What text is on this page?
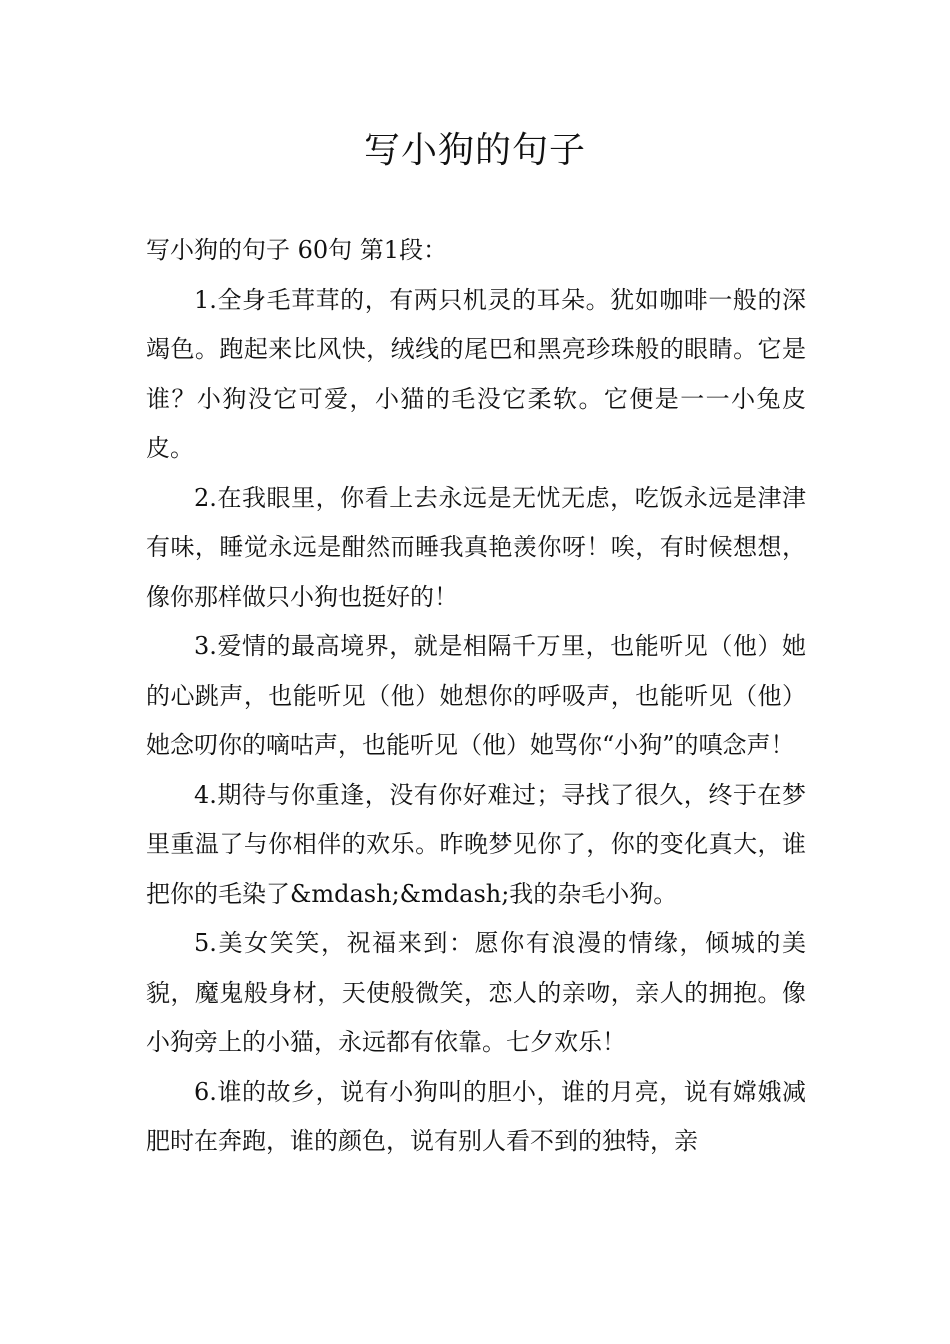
写小狗的句子

写小狗的句子 60句 第1段：

1.全身毛茸茸的，有两只机灵的耳朵。犹如咖啡一般的深竭色。跑起来比风快，绒线的尾巴和黑亮珍珠般的眼睛。它是谁？小狗没它可爱，小猫的毛没它柔软。它便是一一小兔皮皮。

2.在我眼里，你看上去永远是无忧无虑，吃饭永远是津津有味，睡觉永远是酣然而睡我真艳羡你呀！唉，有时候想想，像你那样做只小狗也挺好的！

3.爱情的最高境界，就是相隔千万里，也能听见（他）她的心跳声，也能听见（他）她想你的呼吸声，也能听见（他）她念叨你的嘀咕声，也能听见（他）她骂你“小狗”的嗔念声！

4.期待与你重逢，没有你好难过；寻找了很久，终于在梦里重温了与你相伴的欢乐。昨晚梦见你了，你的变化真大，谁把你的毛染了&mdash;&mdash;我的杂毛小狗。

5.美女笑笑，祝福来到：愿你有浪漫的情缘，倾城的美貌，魔鬼般身材，天使般微笑，恋人的亲吻，亲人的拥抱。像小狗旁上的小猫，永远都有依靠。七夕欢乐！

6.谁的故乡，说有小狗叫的胆小，谁的月亮，说有嫦娥减肥时在奔跑，谁的颜色，说有别人看不到的独特，亲
